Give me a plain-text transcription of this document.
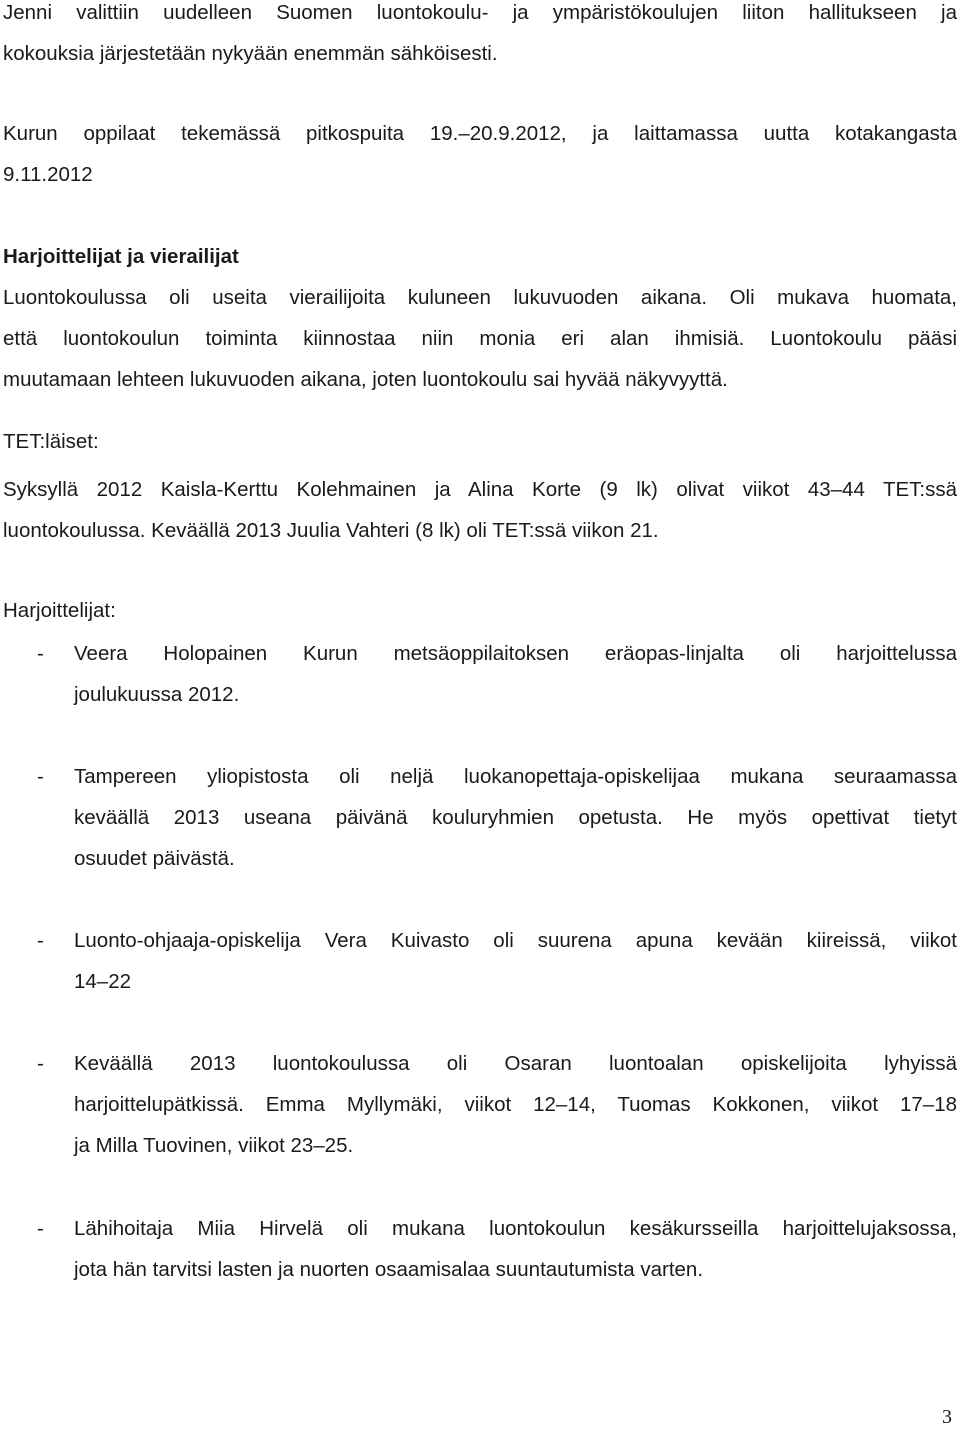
Jenni valittiin uudelleen Suomen luontokoulu- ja ympäristökoulujen liiton hallitukseen ja
kokouksia järjestetään nykyään enemmän sähköisesti.
Kurun oppilaat tekemässä pitkospuita 19.–20.9.2012, ja laittamassa uutta kotakangasta
9.11.2012
Harjoittelijat ja vierailijat
Luontokoulussa oli useita vierailijoita kuluneen lukuvuoden aikana. Oli mukava huomata,
että luontokoulun toiminta kiinnostaa niin monia eri alan ihmisiä. Luontokoulu pääsi
muutamaan lehteen lukuvuoden aikana, joten luontokoulu sai hyvää näkyvyyttä.
TET:läiset:
Syksyllä 2012 Kaisla-Kerttu Kolehmainen ja Alina Korte (9 lk) olivat viikot 43–44 TET:ssä
luontokoulussa. Keväällä 2013 Juulia Vahteri (8 lk) oli TET:ssä viikon 21.
Harjoittelijat:
- Veera Holopainen Kurun metsäoppilaitoksen eräopas-linjalta oli harjoittelussa
joulukuussa 2012.
- Tampereen yliopistosta oli neljä luokanopettaja-opiskelijaa mukana seuraamassa
keväällä 2013 useana päivänä kouluryhmien opetusta. He myös opettivat tietyt
osuudet päivästä.
- Luonto-ohjaaja-opiskelija Vera Kuivasto oli suurena apuna kevään kiireissä, viikot
14–22
- Keväällä 2013 luontokoulussa oli Osaran luontoalan opiskelijoita lyhyissä
harjoittelupätkissä. Emma Myllymäki, viikot 12–14, Tuomas Kokkonen, viikot 17–18
ja Milla Tuovinen, viikot 23–25.
- Lähihoitaja Miia Hirvelä oli mukana luontokoulun kesäkursseilla harjoittelujaksossa,
jota hän tarvitsi lasten ja nuorten osaamisalaa suuntautumista varten.
3
